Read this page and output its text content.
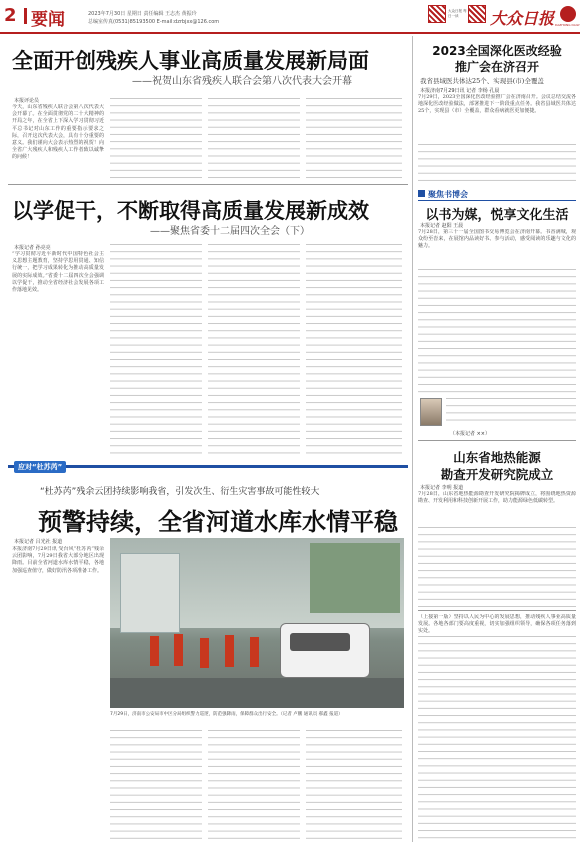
2 要闻	2023年7月30日 星期日 责任编辑 王志杰 黄振玲
总编室传真(0531)85193500 E-mail:dzrbjxx@126.com
大众日报 每日一读	大众日报 DAZHONG DAILY
全面开创残疾人事业高质量发展新局面
——祝贺山东省残疾人联合会第八次代表大会开幕
本报评论员
今天，山东省残疾人联合会第八次代表大会开幕了。在全面贯彻党的二十大精神的开局之年，在全省上下深入学习贯彻习近平总书记对山东工作的重要指示要求之际，召开这次代表大会，具有十分重要的意义。我们谨向大会表示热烈的祝贺！向全省广大残疾人和残疾人工作者致以诚挚的问候！
以学促干，不断取得高质量发展新成效
——聚焦省委十二届四次全会（下）
本报记者 孙亮亮
“学习贯彻习近平新时代中国特色社会主义思想主题教育，坚持学思用贯通、知信行统一，把学习成果转化为推动高质量发展的实际成效。”省委十二届四次全会强调以学促干，推动全省经济社会发展各项工作落地见效。
应对“杜苏芮”
“杜苏芮”残余云团持续影响我省，引发次生、衍生灾害事故可能性较大
预警持续，全省河道水库水情平稳
本报记者 吕光社 报道
本报济南7月29日讯 受台风“杜苏芮”残余云团影响，7月29日我省大部分地区出现降雨。目前全省河道水库水情平稳，各地加强巡查值守，做好防汛各项准备工作。
7月29日，济南市公安局市中区分局组织警力巡逻，防范强降雨，保障群众出行安全。（记者 卢鹏 通讯员 郝鑫 报道）
2023全国深化医改经验
推广会在济召开
我省县域医共体达25个、实现县(市)全覆盖
本报济南7月29日讯 记者 李杨 孔晨
7月29日，2023全国深化医改经验推广会在济南召开。会议总结交流各地深化医改经验做法，部署推进下一阶段重点任务。我省县域医共体达25个，实现县（市）全覆盖，群众看病就医更加便捷。
聚焦书博会
以书为媒，悦享文化生活
本报记者 赵阳 王晨
7月28日，第三十一届全国图书交易博览会在济南开幕。书香满城，观众纷至沓来，在展馆内品读好书、参与活动，感受阅读的乐趣与文化的魅力。
（本报记者 ××）
山东省地热能源
勘查开发研究院成立
本报记者 李明 报道
7月28日，山东省地热能源勘查开发研究院揭牌成立，将围绕地热资源勘查、开发利用和科技创新开展工作，助力能源绿色低碳转型。
（上接第一版）坚持以人民为中心的发展思想，推动残疾人事业高质量发展。各地各部门要高度重视，切实加强组织领导，确保各项任务落到实处。
